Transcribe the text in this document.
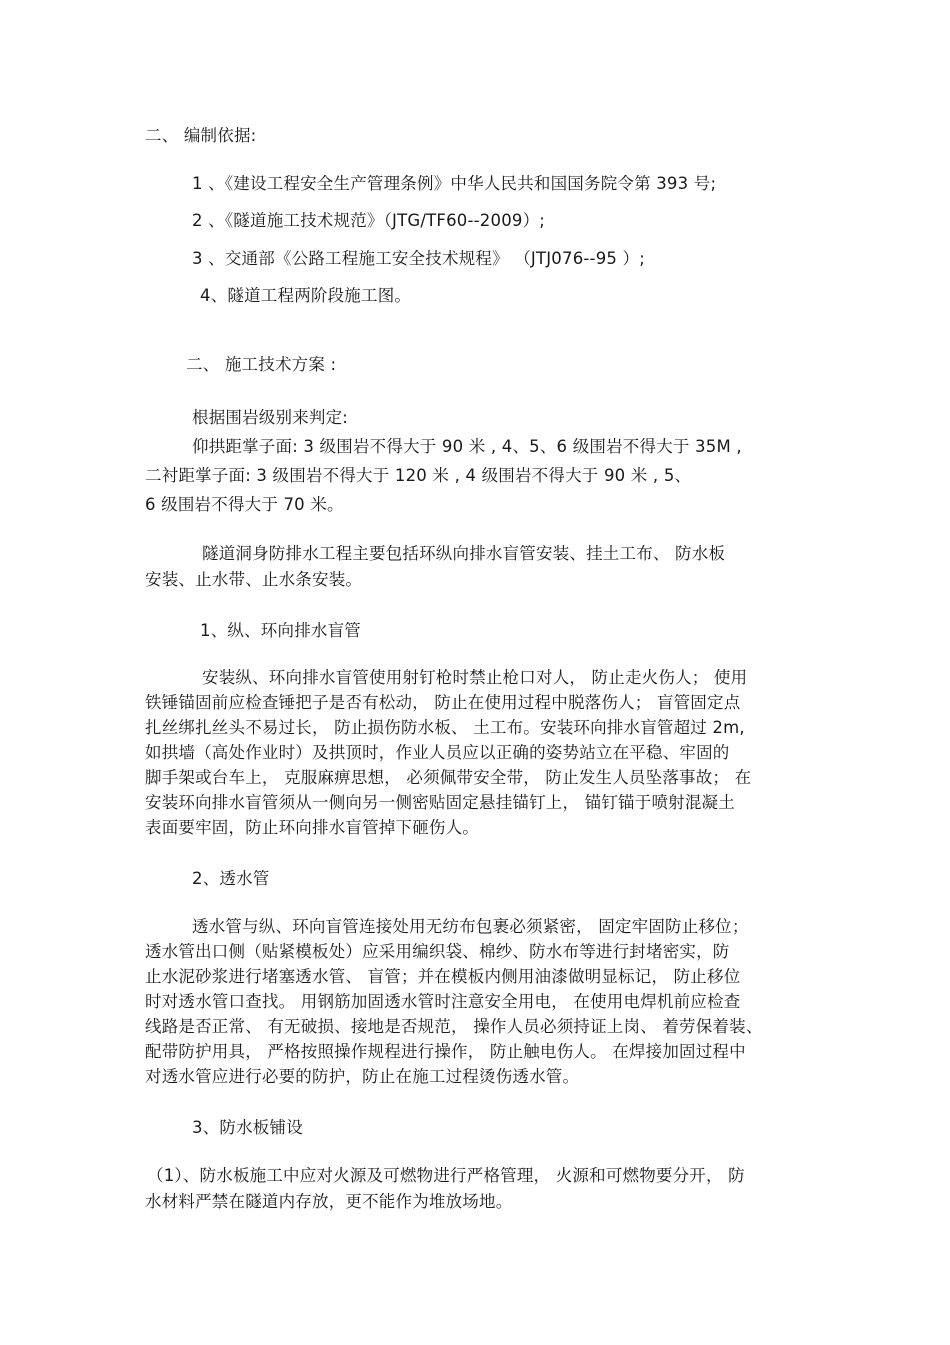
二、 编制依据:
1 、《建设工程安全生产管理条例》中华人民共和国国务院令第 393 号;
2 、《隧道施工技术规范》（JTG/TF60--2009）;
3 、交通部《公路工程施工安全技术规程》 （JTJ076--95 ）;
4、隧道工程两阶段施工图。
二、 施工技术方案 :
根据围岩级别来判定:
仰拱距掌子面: 3 级围岩不得大于 90 米 , 4、5、6 级围岩不得大于 35M ,
二衬距掌子面: 3 级围岩不得大于 120 米 , 4 级围岩不得大于 90 米 , 5、
6 级围岩不得大于 70 米。
隧道洞身防排水工程主要包括环纵向排水盲管安装、挂土工布、 防水板
安装、止水带、止水条安装。
1、纵、环向排水盲管
安装纵、环向排水盲管使用射钉枪时禁止枪口对人， 防止走火伤人； 使用
铁锤锚固前应检查锤把子是否有松动， 防止在使用过程中脱落伤人； 盲管固定点
扎丝绑扎丝头不易过长， 防止损伤防水板、 土工布。安装环向排水盲管超过 2m,
如拱墙（高处作业时）及拱顶时，作业人员应以正确的姿势站立在平稳、牢固的
脚手架或台车上， 克服麻痹思想， 必须佩带安全带， 防止发生人员坠落事故； 在
安装环向排水盲管须从一侧向另一侧密贴固定悬挂锚钉上， 锚钉锚于喷射混凝土
表面要牢固，防止环向排水盲管掉下砸伤人。
2、透水管
透水管与纵、环向盲管连接处用无纺布包裹必须紧密， 固定牢固防止移位；
透水管出口侧（贴紧模板处）应采用编织袋、棉纱、防水布等进行封堵密实，防
止水泥砂浆进行堵塞透水管、 盲管；并在模板内侧用油漆做明显标记， 防止移位
时对透水管口查找。 用钢筋加固透水管时注意安全用电， 在使用电焊机前应检查
线路是否正常、 有无破损、接地是否规范， 操作人员必须持证上岗、 着劳保着装、
配带防护用具， 严格按照操作规程进行操作， 防止触电伤人。 在焊接加固过程中
对透水管应进行必要的防护，防止在施工过程烫伤透水管。
3、防水板铺设
（1）、防水板施工中应对火源及可燃物进行严格管理， 火源和可燃物要分开， 防
水材料严禁在隧道内存放，更不能作为堆放场地。
